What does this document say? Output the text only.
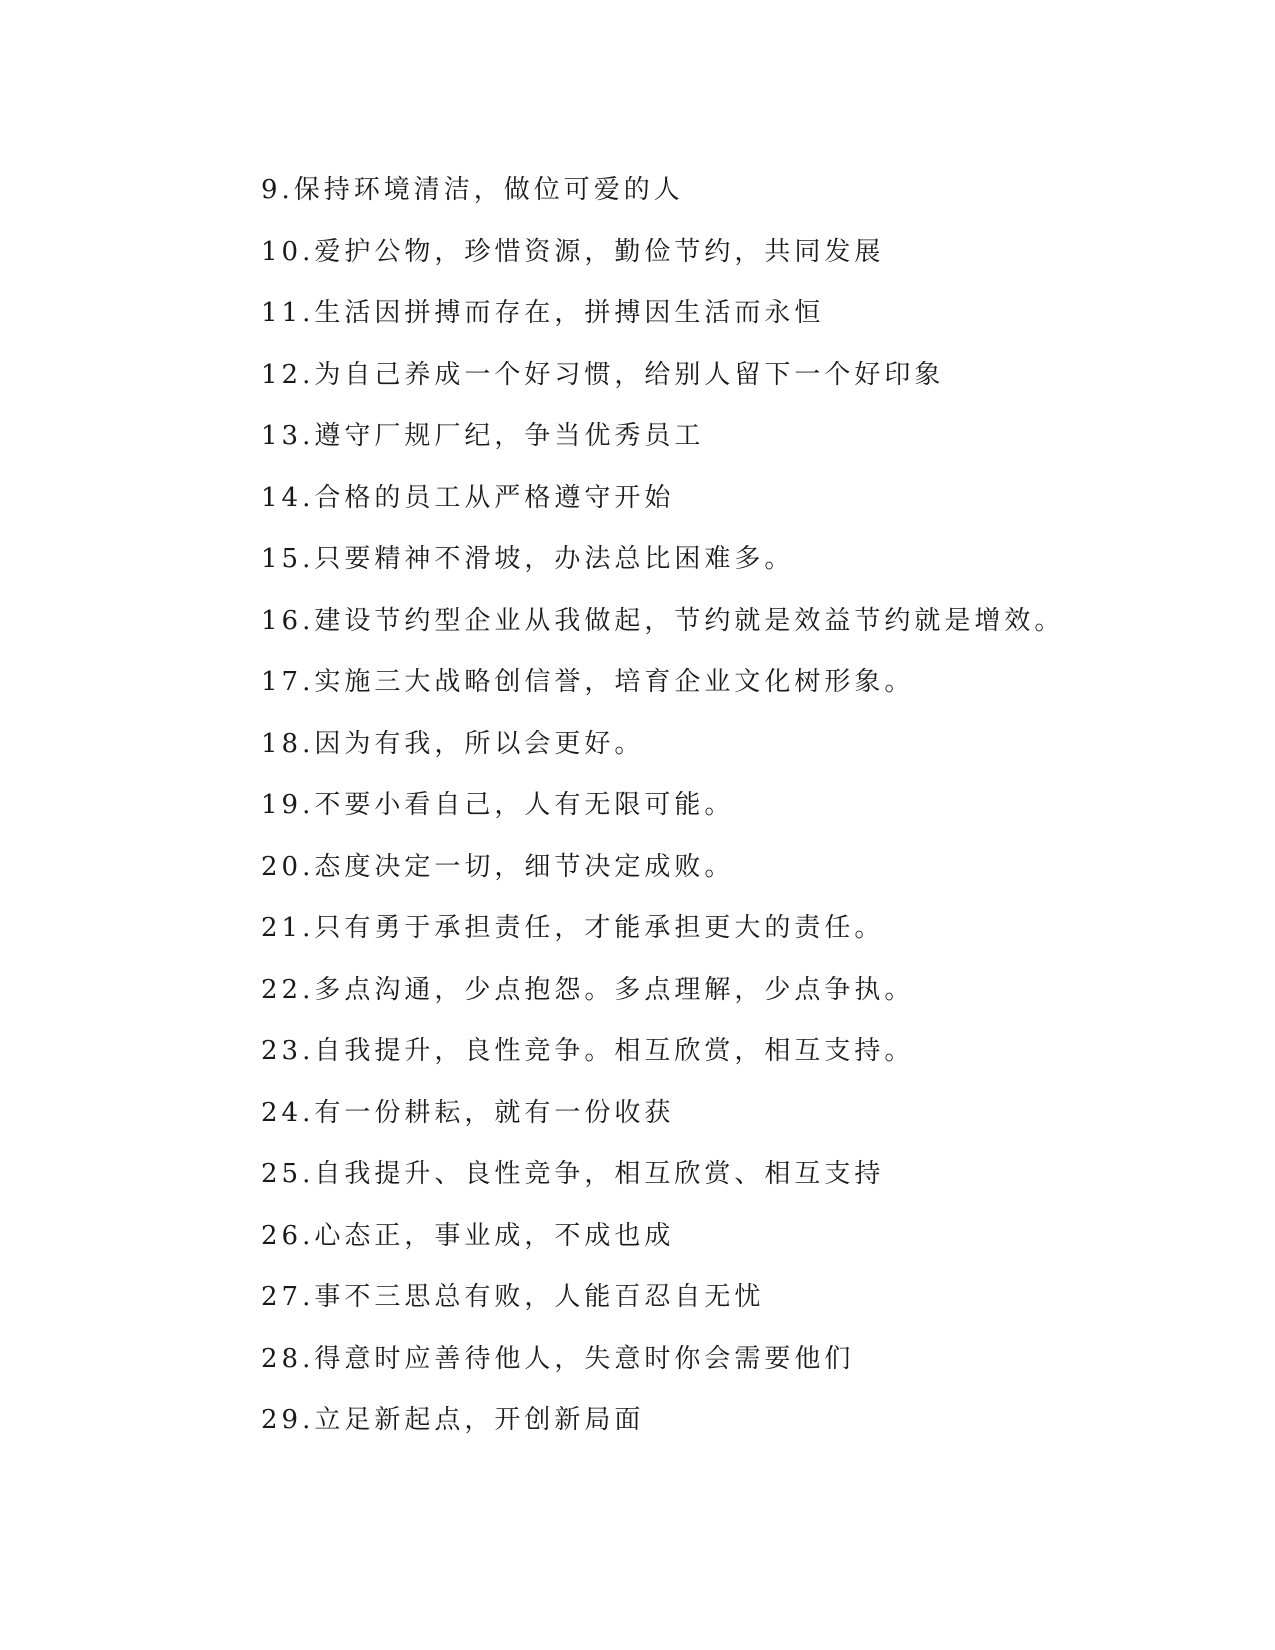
9.保持环境清洁，做位可爱的人
10.爱护公物，珍惜资源，勤俭节约，共同发展
11.生活因拼搏而存在，拼搏因生活而永恒
12.为自己养成一个好习惯，给别人留下一个好印象
13.遵守厂规厂纪，争当优秀员工
14.合格的员工从严格遵守开始
15.只要精神不滑坡，办法总比困难多。
16.建设节约型企业从我做起，节约就是效益节约就是增效。
17.实施三大战略创信誉，培育企业文化树形象。
18.因为有我，所以会更好。
19.不要小看自己，人有无限可能。
20.态度决定一切，细节决定成败。
21.只有勇于承担责任，才能承担更大的责任。
22.多点沟通，少点抱怨。多点理解，少点争执。
23.自我提升，良性竞争。相互欣赏，相互支持。
24.有一份耕耘，就有一份收获
25.自我提升、良性竞争，相互欣赏、相互支持
26.心态正，事业成，不成也成
27.事不三思总有败，人能百忍自无忧
28.得意时应善待他人，失意时你会需要他们
29.立足新起点，开创新局面
